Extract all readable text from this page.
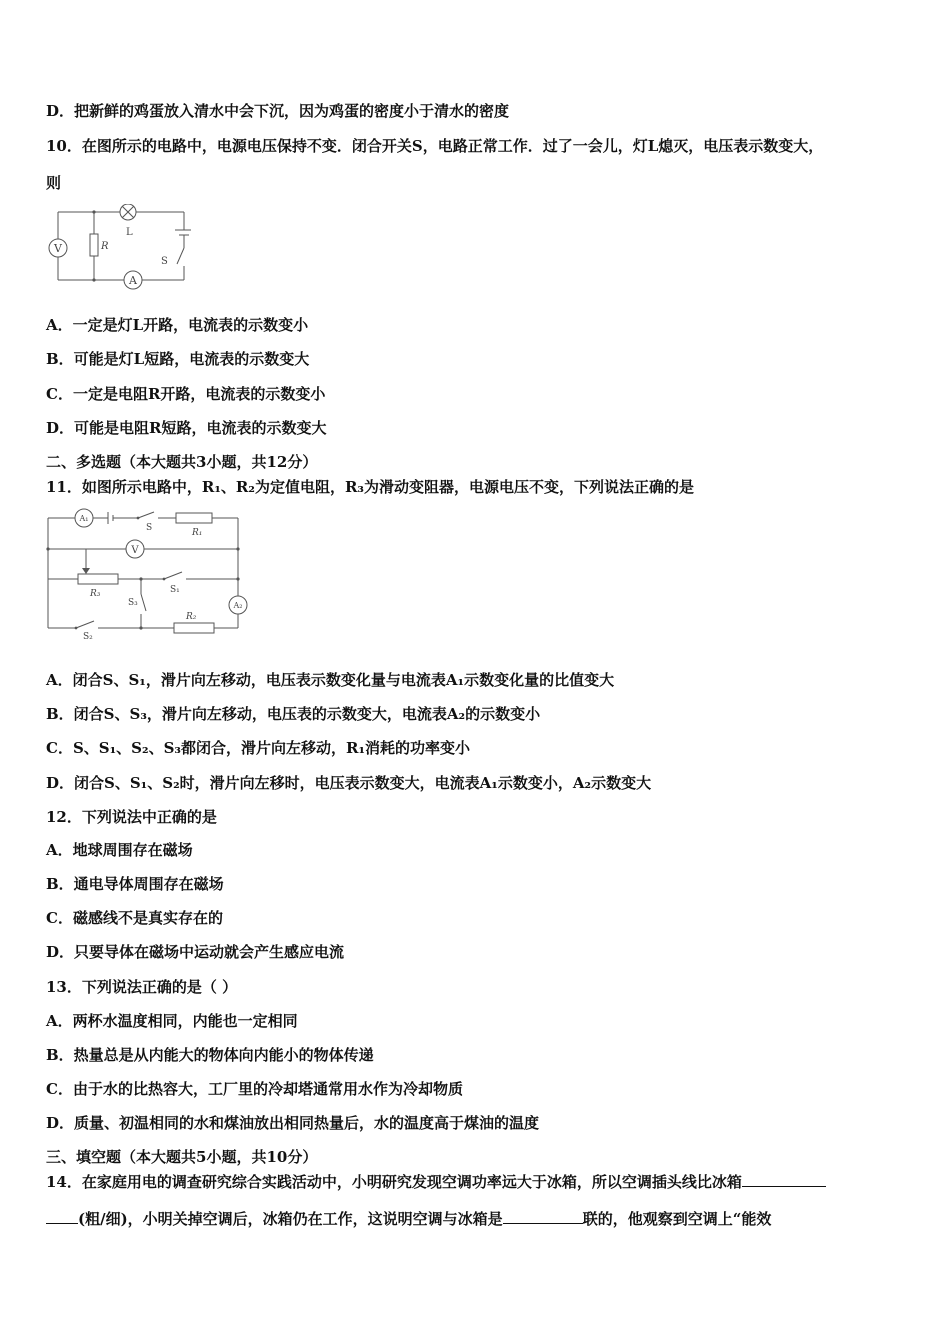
D．把新鲜的鸡蛋放入清水中会下沉，因为鸡蛋的密度小于清水的密度
10．在图所示的电路中，电源电压保持不变．闭合开关S，电路正常工作．过了一会儿，灯L熄灭，电压表示数变大，
则
V
A
R
L
S
A．一定是灯L开路，电流表的示数变小
B．可能是灯L短路，电流表的示数变大
C．一定是电阻R开路，电流表的示数变小
D．可能是电阻R短路，电流表的示数变大
二、多选题（本大题共3小题，共12分）
11．如图所示电路中，R₁、R₂为定值电阻，R₃为滑动变阻器，电源电压不变，下列说法正确的是
A₁
V
A₂
S	R₁
R₃	S₁
S₃
R₂
S₂
A．闭合S、S₁，滑片向左移动，电压表示数变化量与电流表A₁示数变化量的比值变大
B．闭合S、S₃，滑片向左移动，电压表的示数变大，电流表A₂的示数变小
C．S、S₁、S₂、S₃都闭合，滑片向左移动，R₁消耗的功率变小
D．闭合S、S₁、S₂时，滑片向左移时，电压表示数变大，电流表A₁示数变小，A₂示数变大
12．下列说法中正确的是
A．地球周围存在磁场
B．通电导体周围存在磁场
C．磁感线不是真实存在的
D．只要导体在磁场中运动就会产生感应电流
13．下列说法正确的是（ ）
A．两杯水温度相同，内能也一定相同
B．热量总是从内能大的物体向内能小的物体传递
C．由于水的比热容大，工厂里的冷却塔通常用水作为冷却物质
D．质量、初温相同的水和煤油放出相同热量后，水的温度高于煤油的温度
三、填空题（本大题共5小题，共10分）
14．在家庭用电的调查研究综合实践活动中，小明研究发现空调功率远大于冰箱，所以空调插头线比冰箱
(粗/细)，小明关掉空调后，冰箱仍在工作，这说明空调与冰箱是	联的，他观察到空调上“能效
